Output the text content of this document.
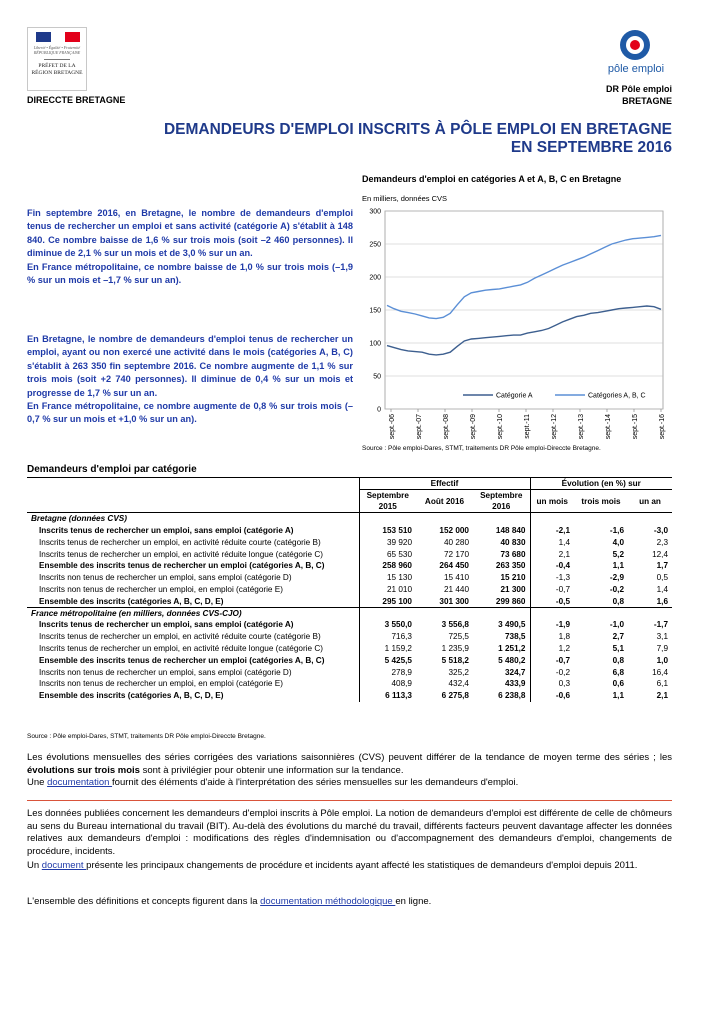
Liberté • Égalité • Fraternité RÉPUBLIQUE FRANÇAISE
PRÉFET DE LA RÉGION BRETAGNE
DIRECCTE BRETAGNE
pôle emploi
DR Pôle emploi
BRETAGNE
DEMANDEURS D'EMPLOI INSCRITS À PÔLE EMPLOI EN BRETAGNE
EN SEPTEMBRE 2016

Fin septembre 2016, en Bretagne, le nombre de demandeurs d'emploi tenus de rechercher un emploi et sans activité (catégorie A) s'établit à 148 840. Ce nombre baisse de 1,6 % sur trois mois (soit –2 460 personnes). Il diminue de 2,1 % sur un mois et de 3,0 % sur un an.

En France métropolitaine, ce nombre baisse de 1,0 % sur trois mois (–1,9 % sur un mois et –1,7 % sur un an).

En Bretagne, le nombre de demandeurs d'emploi tenus de rechercher un emploi, ayant ou non exercé une activité dans le mois (catégories A, B, C) s'établit à 263 350 fin septembre 2016. Ce nombre augmente de 1,1 % sur trois mois (soit +2 740 personnes). Il diminue de 0,4 % sur un mois et progresse de 1,7 % sur un an.

En France métropolitaine, ce nombre augmente de 0,8 % sur trois mois (–0,7 % sur un mois et +1,0 % sur un an).

Demandeurs d'emploi en catégories A et A, B, C en Bretagne
En milliers, données CVS
0
50
100
150
200
250
300
sept.-06	sept.-07	sept.-08	sept.-09	sept.-10	sept.-11	sept.-12	sept.-13	sept.-14	sept.-15	sept.-16
Catégorie A	Catégories A, B, C
Source : Pôle emploi-Dares, STMT, traitements DR Pôle emploi-Direccte Bretagne.
Demandeurs d'emploi par catégorie
	Effectif			Évolution (en %) sur		
	Septembre 2015	Août 2016	Septembre 2016	un mois	trois mois	un an
Bretagne (données CVS)						
Inscrits tenus de rechercher un emploi, sans emploi (catégorie A)	153 510	152 000	148 840	-2,1	-1,6	-3,0
Inscrits tenus de rechercher un emploi, en activité réduite courte (catégorie B)	39 920	40 280	40 830	1,4	4,0	2,3
Inscrits tenus de rechercher un emploi, en activité réduite longue (catégorie C)	65 530	72 170	73 680	2,1	5,2	12,4
Ensemble des inscrits tenus de rechercher un emploi (catégories A, B, C)	258 960	264 450	263 350	-0,4	1,1	1,7
Inscrits non tenus de rechercher un emploi, sans emploi (catégorie D)	15 130	15 410	15 210	-1,3	-2,9	0,5
Inscrits non tenus de rechercher un emploi, en emploi (catégorie E)	21 010	21 440	21 300	-0,7	-0,2	1,4
Ensemble des inscrits (catégories A, B, C, D, E)	295 100	301 300	299 860	-0,5	0,8	1,6
France métropolitaine (en milliers, données CVS-CJO)						
Inscrits tenus de rechercher un emploi, sans emploi (catégorie A)	3 550,0	3 556,8	3 490,5	-1,9	-1,0	-1,7
Inscrits tenus de rechercher un emploi, en activité réduite courte (catégorie B)	716,3	725,5	738,5	1,8	2,7	3,1
Inscrits tenus de rechercher un emploi, en activité réduite longue (catégorie C)	1 159,2	1 235,9	1 251,2	1,2	5,1	7,9
Ensemble des inscrits tenus de rechercher un emploi (catégories A, B, C)	5 425,5	5 518,2	5 480,2	-0,7	0,8	1,0
Inscrits non tenus de rechercher un emploi, sans emploi (catégorie D)	278,9	325,2	324,7	-0,2	6,8	16,4
Inscrits non tenus de rechercher un emploi, en emploi (catégorie E)	408,9	432,4	433,9	0,3	0,6	6,1
Ensemble des inscrits (catégories A, B, C, D, E)	6 113,3	6 275,8	6 238,8	-0,6	1,1	2,1
Source : Pôle emploi-Dares, STMT, traitements DR Pôle emploi-Direccte Bretagne.
Les évolutions mensuelles des séries corrigées des variations saisonnières (CVS) peuvent différer de la tendance de moyen terme des séries ; les évolutions sur trois mois sont à privilégier pour obtenir une information sur la tendance.
Une documentation fournit des éléments d'aide à l'interprétation des séries mensuelles sur les demandeurs d'emploi.

Les données publiées concernent les demandeurs d'emploi inscrits à Pôle emploi. La notion de demandeurs d'emploi est différente de celle de chômeurs au sens du Bureau international du travail (BIT). Au-delà des évolutions du marché du travail, différents facteurs peuvent davantage affecter les données relatives aux demandeurs d'emploi : modifications des règles d'indemnisation ou d'accompagnement des demandeurs d'emploi, changements de procédure, incidents.

Un document présente les principaux changements de procédure et incidents ayant affecté les statistiques de demandeurs d'emploi depuis 2011.

L'ensemble des définitions et concepts figurent dans la documentation méthodologique en ligne.
